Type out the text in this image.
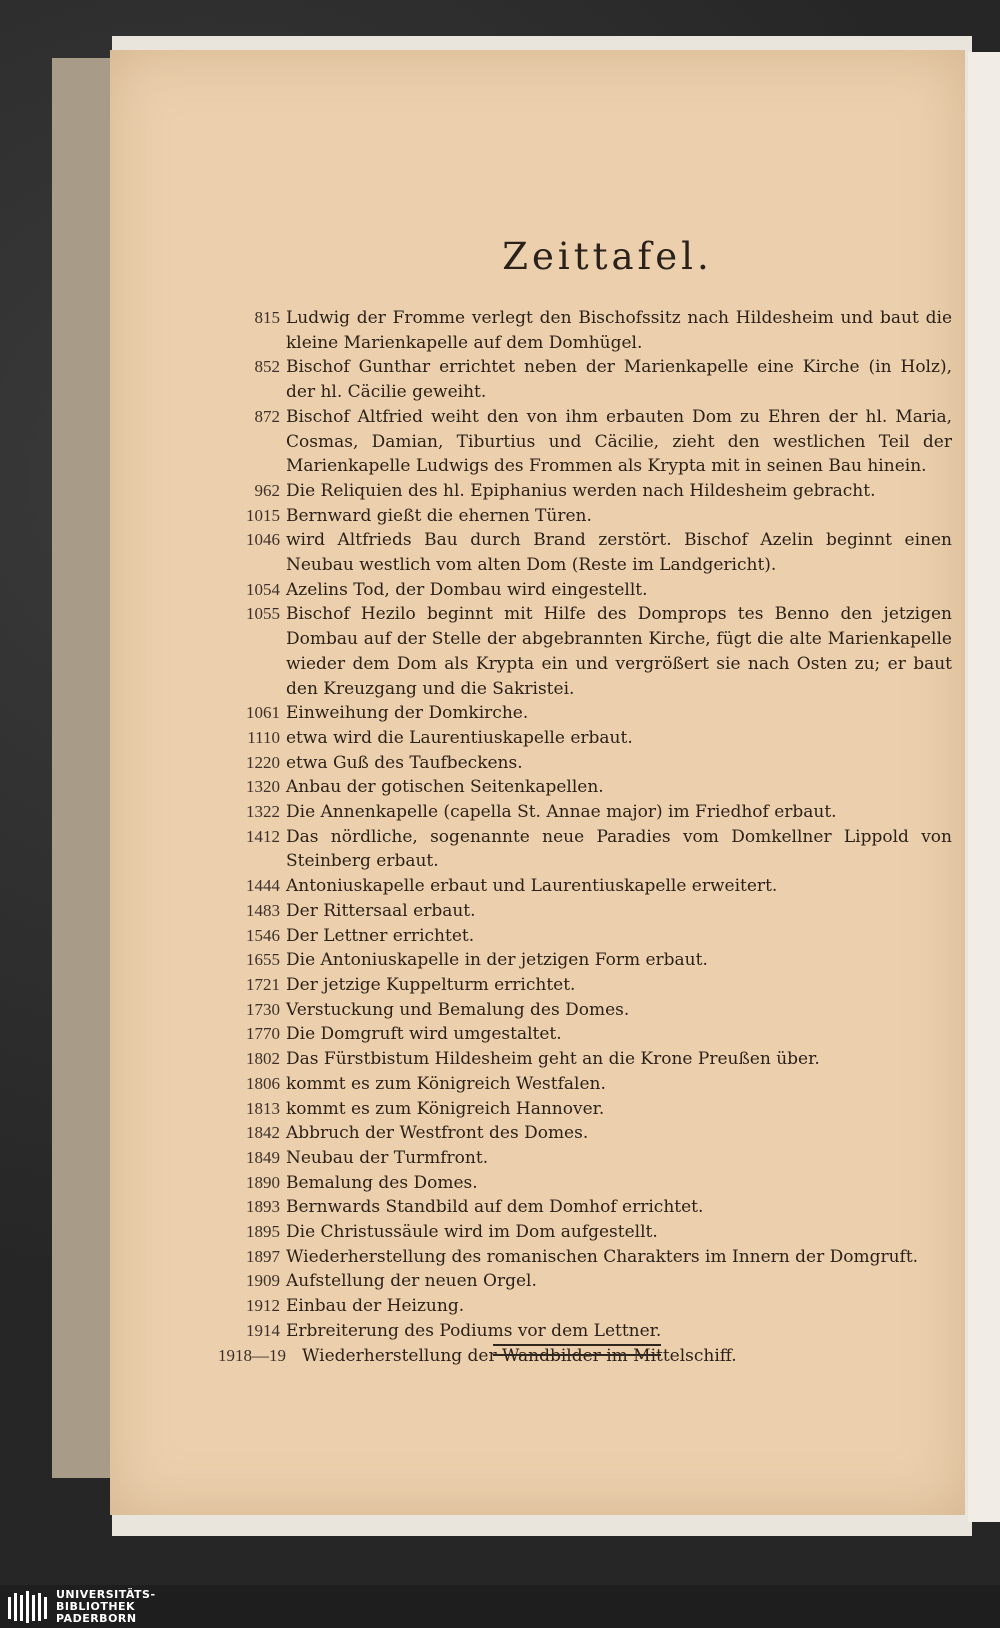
Zeittafel.
815 Ludwig der Fromme verlegt den Bischofssitz nach Hildesheim und baut die kleine Marienkapelle auf dem Domhügel.
852 Bischof Gunthar errichtet neben der Marienkapelle eine Kirche (in Holz), der hl. Cäcilie geweiht.
872 Bischof Altfried weiht den von ihm erbauten Dom zu Ehren der hl. Maria, Cosmas, Damian, Tiburtius und Cäcilie, zieht den westlichen Teil der Marienkapelle Ludwigs des Frommen als Krypta mit in seinen Bau hinein.
962 Die Reliquien des hl. Epiphanius werden nach Hildesheim gebracht.
1015 Bernward gießt die ehernen Türen.
1046 wird Altfrieds Bau durch Brand zerstört. Bischof Azelin beginnt einen Neubau westlich vom alten Dom (Reste im Landgericht).
1054 Azelins Tod, der Dombau wird eingestellt.
1055 Bischof Hezilo beginnt mit Hilfe des Domprops tes Benno den jetzigen Dombau auf der Stelle der abgebrannten Kirche, fügt die alte Marienkapelle wieder dem Dom als Krypta ein und vergrößert sie nach Osten zu; er baut den Kreuzgang und die Sakristei.
1061 Einweihung der Domkirche.
1110 etwa wird die Laurentiuskapelle erbaut.
1220 etwa Guß des Taufbeckens.
1320 Anbau der gotischen Seitenkapellen.
1322 Die Annenkapelle (capella St. Annae major) im Friedhof erbaut.
1412 Das nördliche, sogenannte neue Paradies vom Domkellner Lippold von Steinberg erbaut.
1444 Antoniuskapelle erbaut und Laurentiuskapelle erweitert.
1483 Der Rittersaal erbaut.
1546 Der Lettner errichtet.
1655 Die Antoniuskapelle in der jetzigen Form erbaut.
1721 Der jetzige Kuppelturm errichtet.
1730 Verstuckung und Bemalung des Domes.
1770 Die Domgruft wird umgestaltet.
1802 Das Fürstbistum Hildesheim geht an die Krone Preußen über.
1806 kommt es zum Königreich Westfalen.
1813 kommt es zum Königreich Hannover.
1842 Abbruch der Westfront des Domes.
1849 Neubau der Turmfront.
1890 Bemalung des Domes.
1893 Bernwards Standbild auf dem Domhof errichtet.
1895 Die Christussäule wird im Dom aufgestellt.
1897 Wiederherstellung des romanischen Charakters im Innern der Domgruft.
1909 Aufstellung der neuen Orgel.
1912 Einbau der Heizung.
1914 Erbreiterung des Podiums vor dem Lettner.
1918—19 Wiederherstellung der Wandbilder im Mittelschiff.
UNIVERSITÄTS-
BIBLIOTHEK
PADERBORN
